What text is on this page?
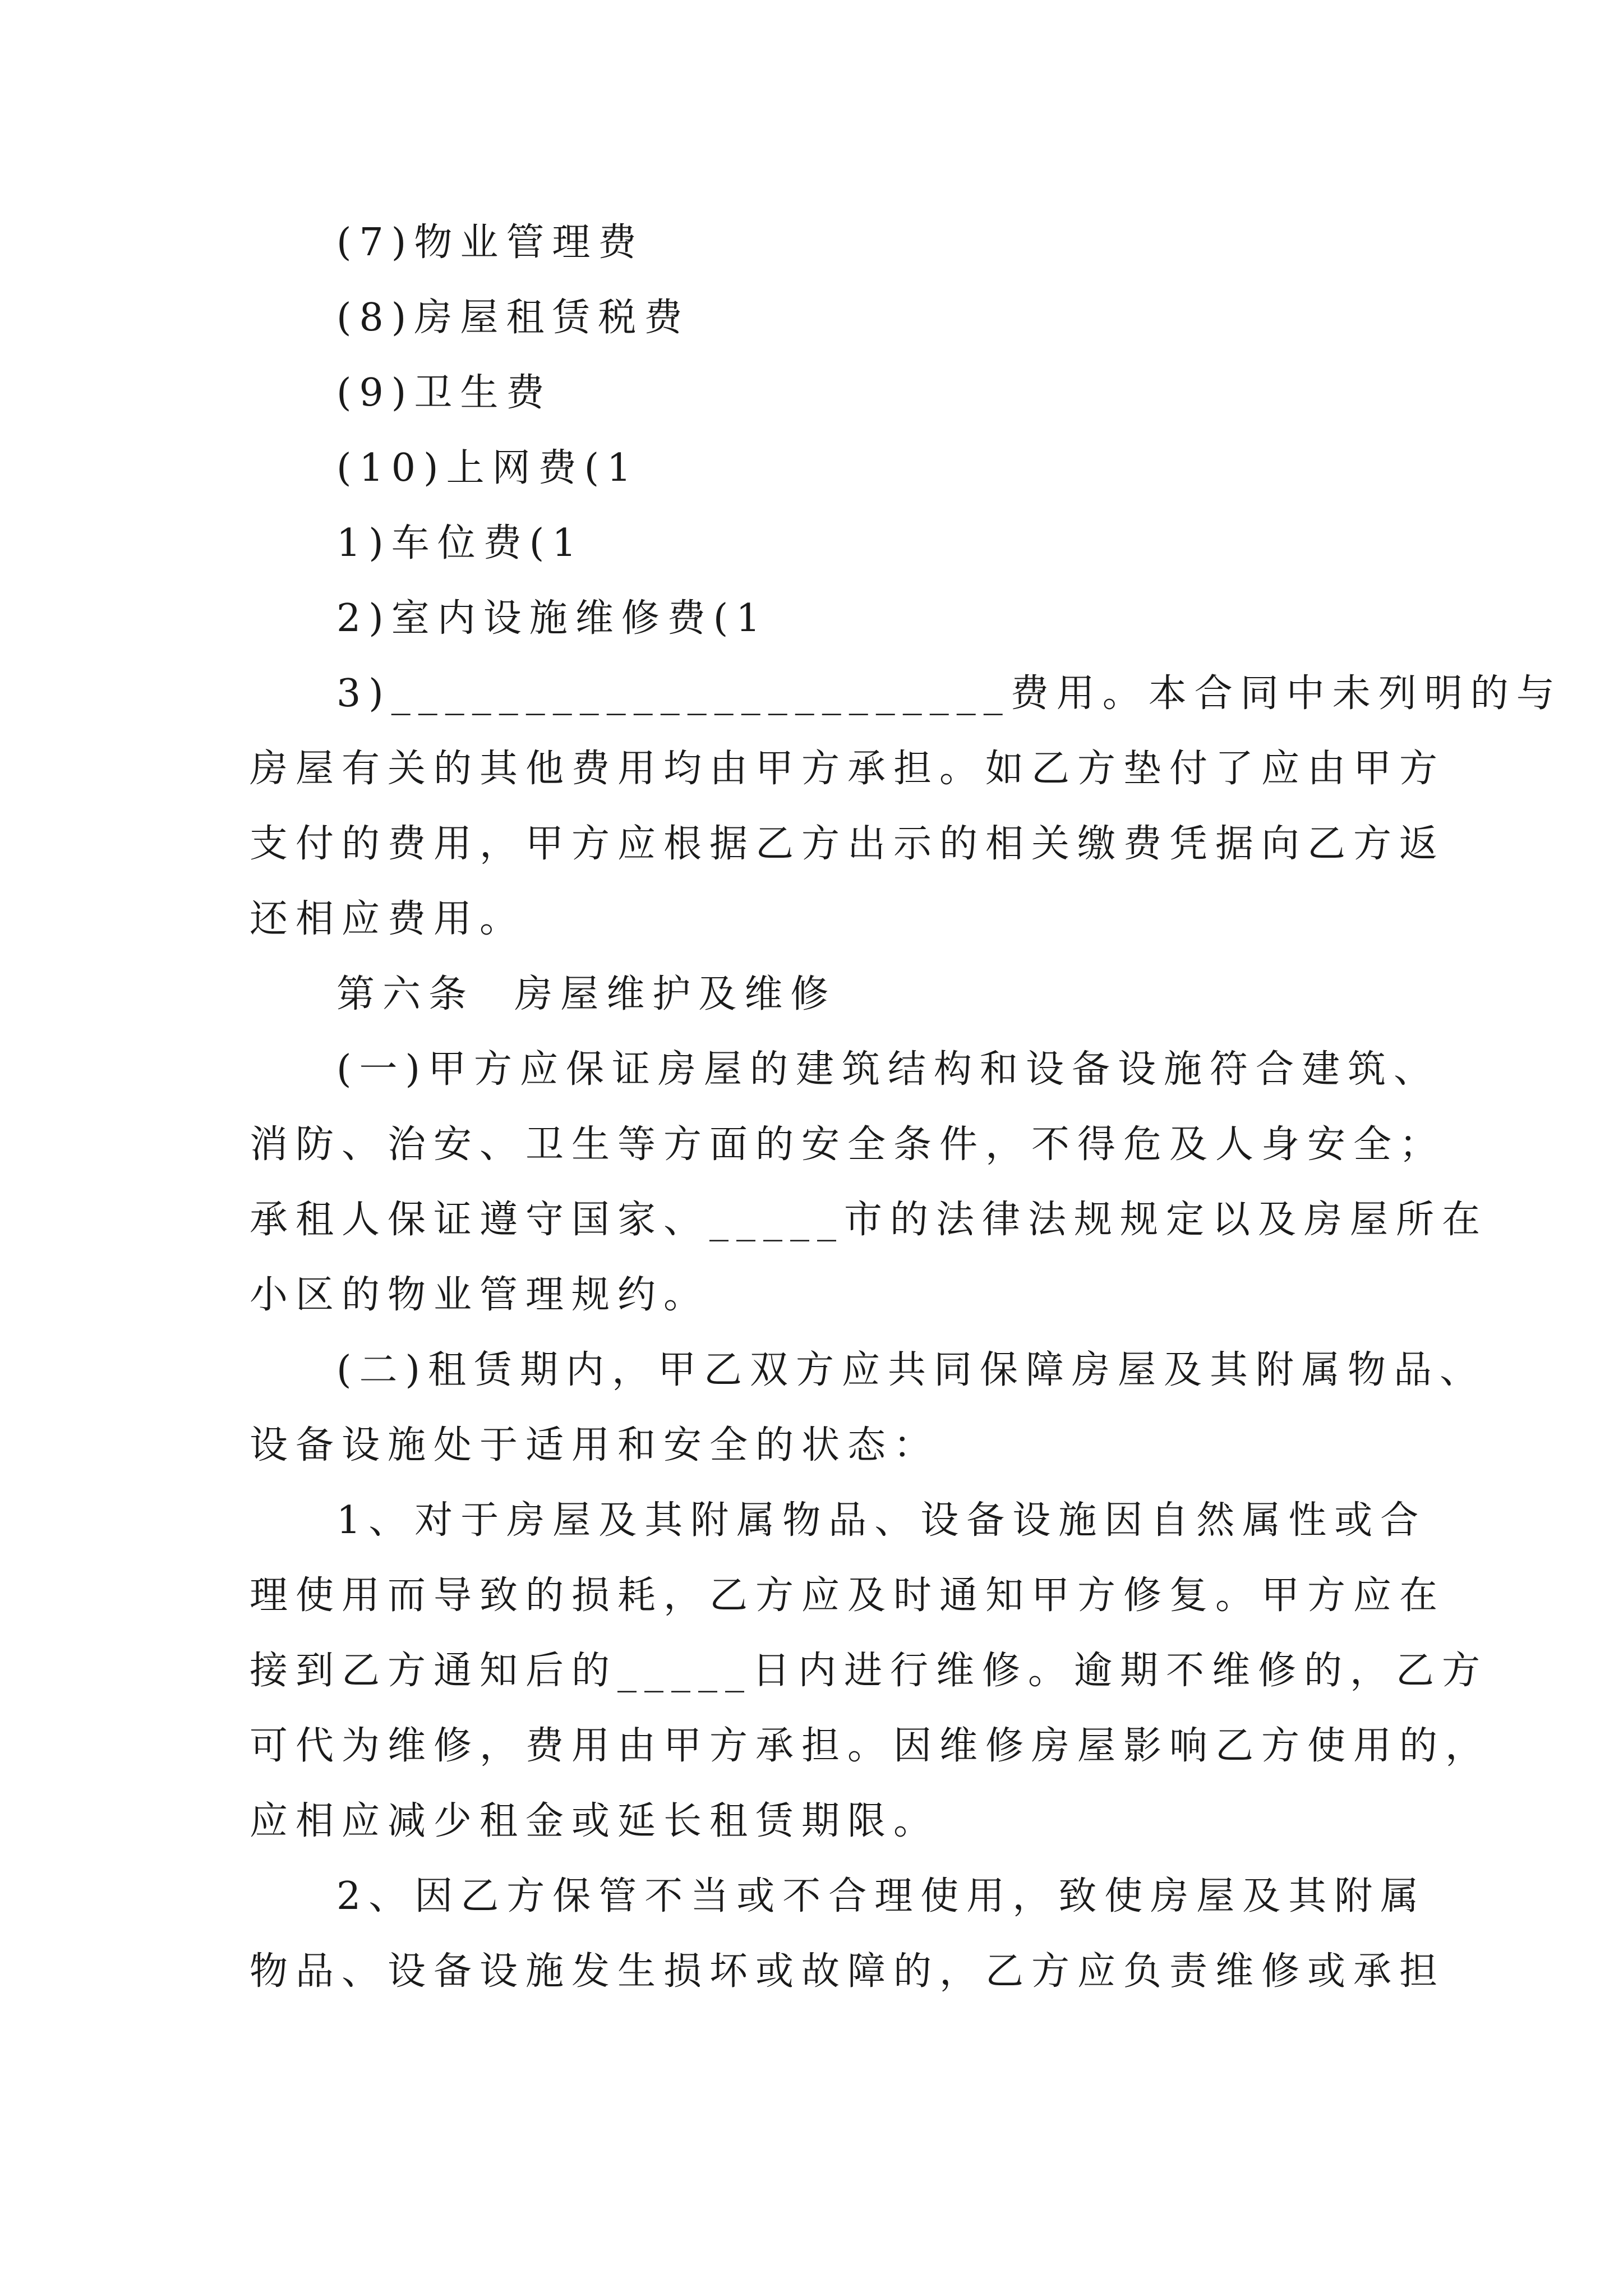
(7)物业管理费
(8)房屋租赁税费
(9)卫生费
(10)上网费(1
1)车位费(1
2)室内设施维修费(1
3)_______________________费用。本合同中未列明的与
房屋有关的其他费用均由甲方承担。如乙方垫付了应由甲方
支付的费用，甲方应根据乙方出示的相关缴费凭据向乙方返
还相应费用。
第六条  房屋维护及维修
(一)甲方应保证房屋的建筑结构和设备设施符合建筑、
消防、治安、卫生等方面的安全条件，不得危及人身安全；
承租人保证遵守国家、_____市的法律法规规定以及房屋所在
小区的物业管理规约。
(二)租赁期内，甲乙双方应共同保障房屋及其附属物品、
设备设施处于适用和安全的状态：
1、对于房屋及其附属物品、设备设施因自然属性或合
理使用而导致的损耗，乙方应及时通知甲方修复。甲方应在
接到乙方通知后的_____日内进行维修。逾期不维修的，乙方
可代为维修，费用由甲方承担。因维修房屋影响乙方使用的，
应相应减少租金或延长租赁期限。
2、因乙方保管不当或不合理使用，致使房屋及其附属
物品、设备设施发生损坏或故障的，乙方应负责维修或承担
